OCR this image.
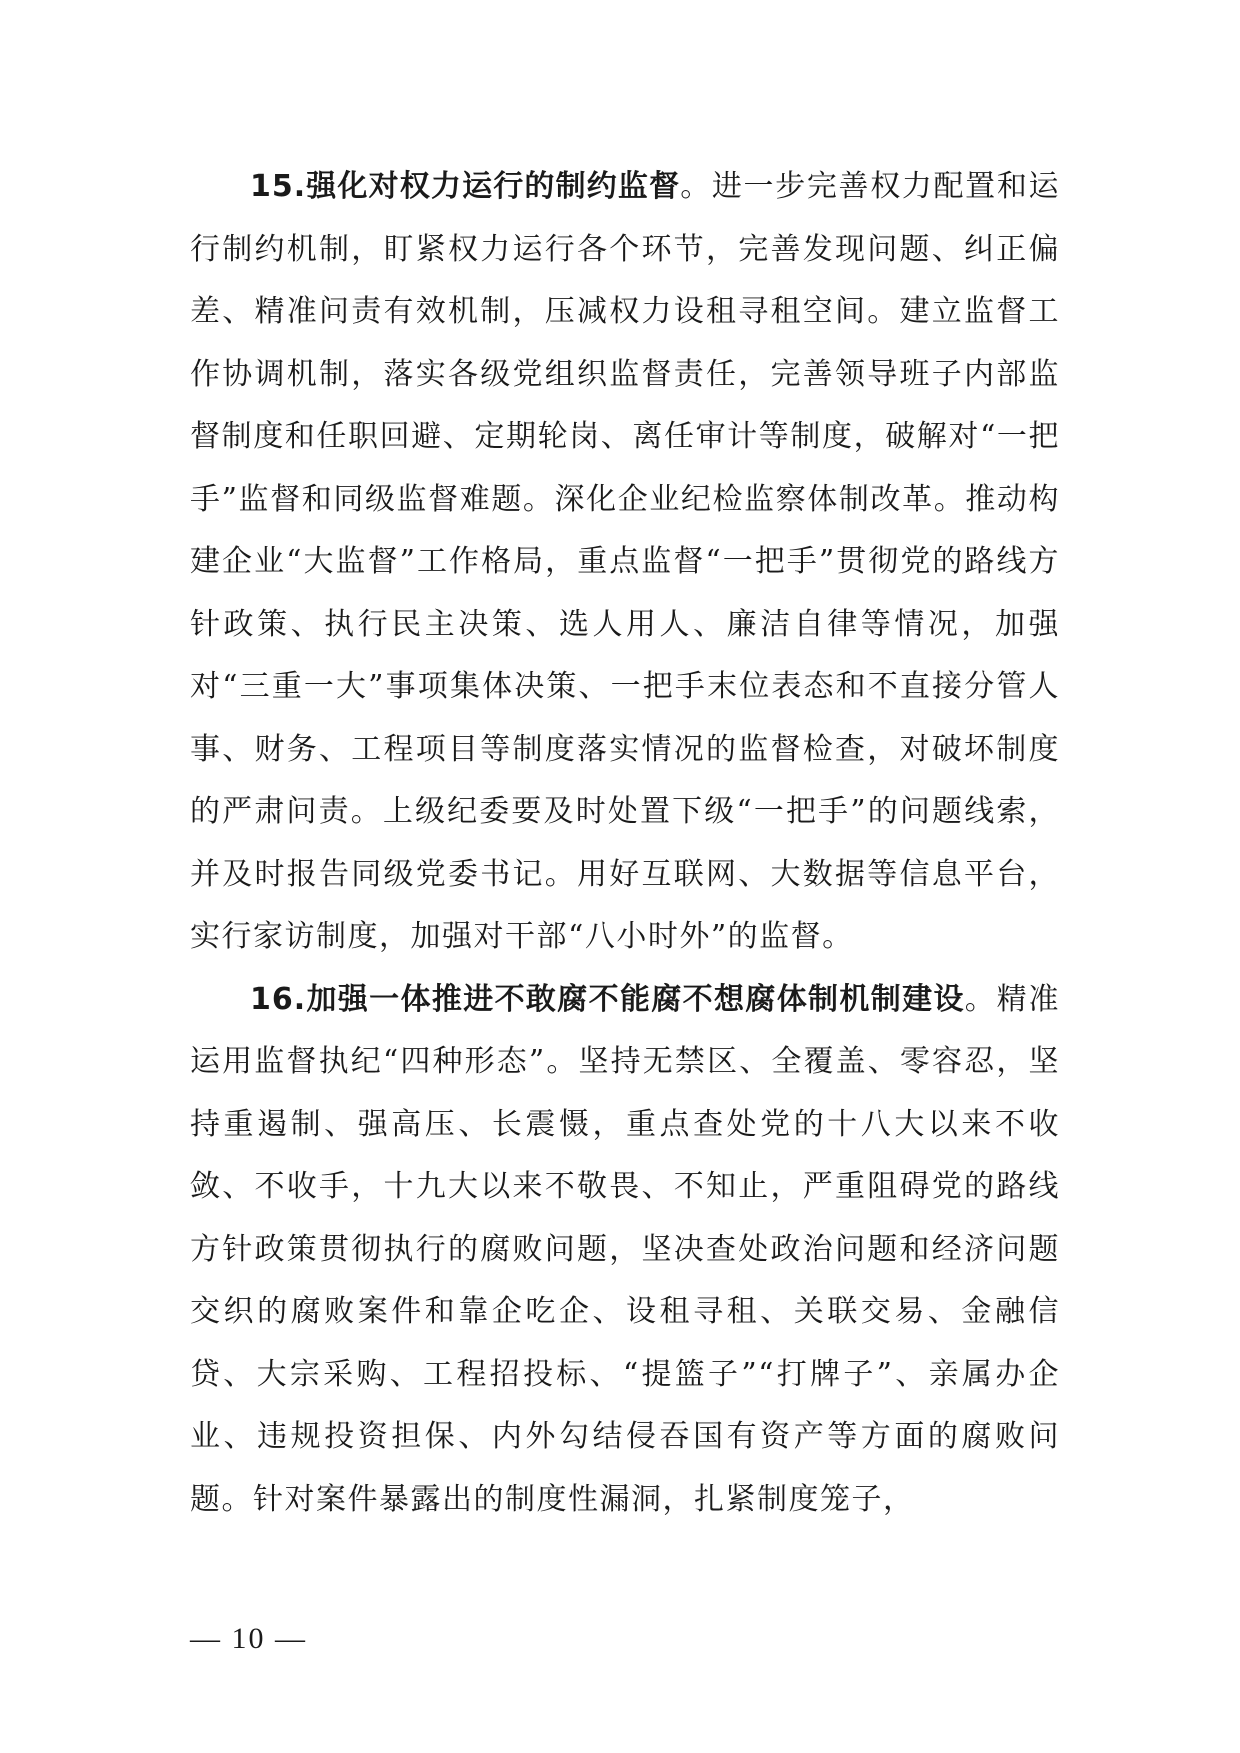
15.强化对权力运行的制约监督。进一步完善权力配置和运行制约机制，盯紧权力运行各个环节，完善发现问题、纠正偏差、精准问责有效机制，压减权力设租寻租空间。建立监督工作协调机制，落实各级党组织监督责任，完善领导班子内部监督制度和任职回避、定期轮岗、离任审计等制度，破解对“一把手”监督和同级监督难题。深化企业纪检监察体制改革。推动构建企业“大监督”工作格局，重点监督“一把手”贯彻党的路线方针政策、执行民主决策、选人用人、廉洁自律等情况，加强对“三重一大”事项集体决策、一把手末位表态和不直接分管人事、财务、工程项目等制度落实情况的监督检查，对破坏制度的严肃问责。上级纪委要及时处置下级“一把手”的问题线索，并及时报告同级党委书记。用好互联网、大数据等信息平台，实行家访制度，加强对干部“八小时外”的监督。

16.加强一体推进不敢腐不能腐不想腐体制机制建设。精准运用监督执纪“四种形态”。坚持无禁区、全覆盖、零容忍，坚持重遏制、强高压、长震慑，重点查处党的十八大以来不收敛、不收手，十九大以来不敬畏、不知止，严重阻碍党的路线方针政策贯彻执行的腐败问题，坚决查处政治问题和经济问题交织的腐败案件和靠企吃企、设租寻租、关联交易、金融信贷、大宗采购、工程招投标、“提篮子”“打牌子”、亲属办企业、违规投资担保、内外勾结侵吞国有资产等方面的腐败问题。针对案件暴露出的制度性漏洞，扎紧制度笼子，

— 10 —
